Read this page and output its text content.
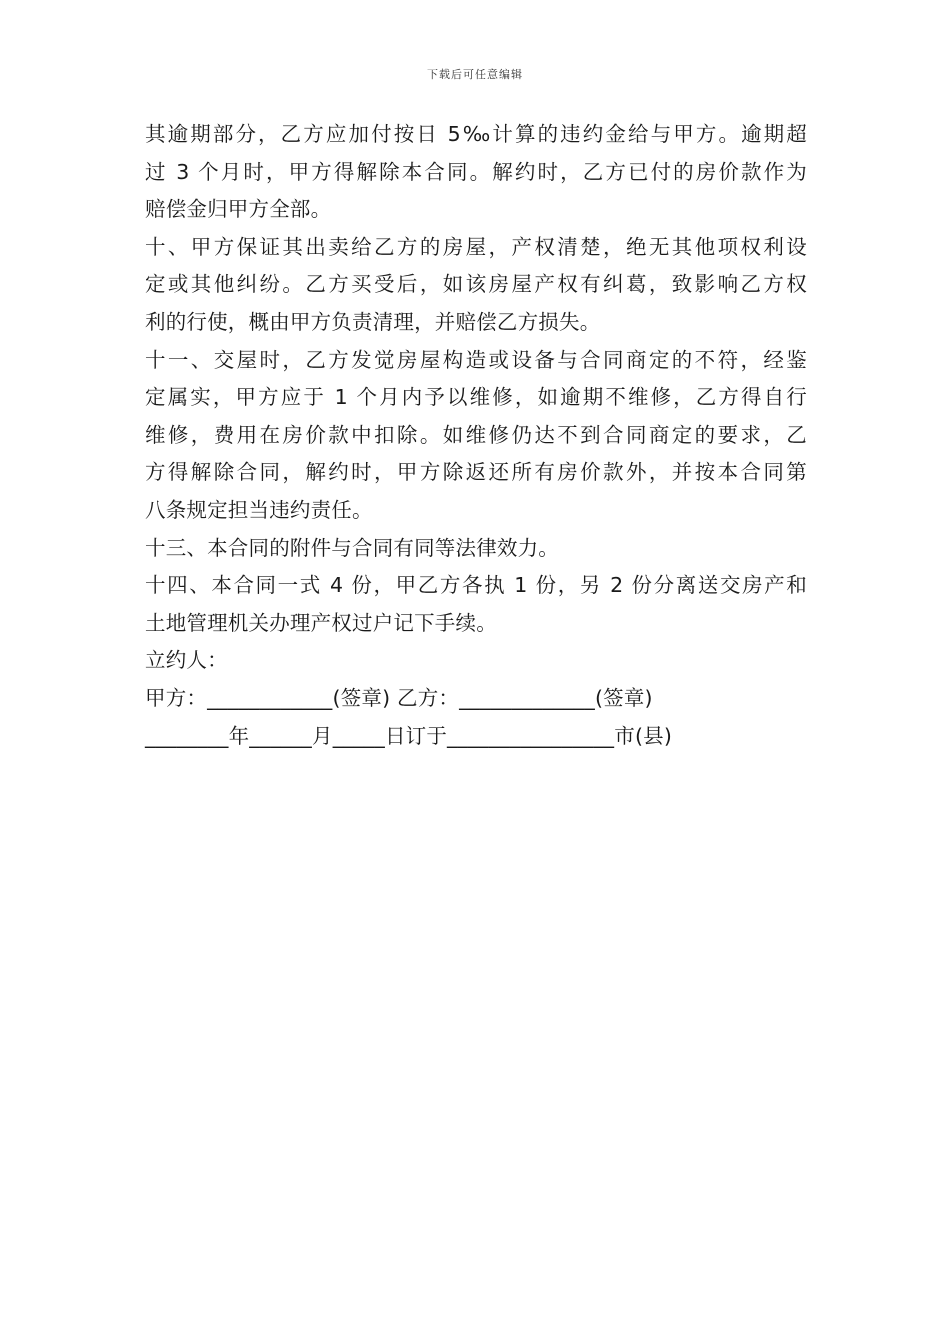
下载后可任意编辑
其逾期部分，乙方应加付按日 5‰计算的违约金给与甲方。逾期超
过 3 个月时，甲方得解除本合同。解约时，乙方已付的房价款作为
赔偿金归甲方全部。
十、甲方保证其出卖给乙方的房屋，产权清楚，绝无其他项权利设
定或其他纠纷。乙方买受后，如该房屋产权有纠葛，致影响乙方权
利的行使，概由甲方负责清理，并赔偿乙方损失。
十一、交屋时，乙方发觉房屋构造或设备与合同商定的不符，经鉴
定属实，甲方应于 1 个月内予以维修，如逾期不维修，乙方得自行
维修，费用在房价款中扣除。如维修仍达不到合同商定的要求，乙
方得解除合同，解约时，甲方除返还所有房价款外，并按本合同第
八条规定担当违约责任。
十三、本合同的附件与合同有同等法律效力。
十四、本合同一式 4 份，甲乙方各执 1 份，另 2 份分离送交房产和
土地管理机关办理产权过户记下手续。
立约人：
甲方：____________(签章) 乙方：_____________(签章)
________年______月_____日订于________________市(县)
